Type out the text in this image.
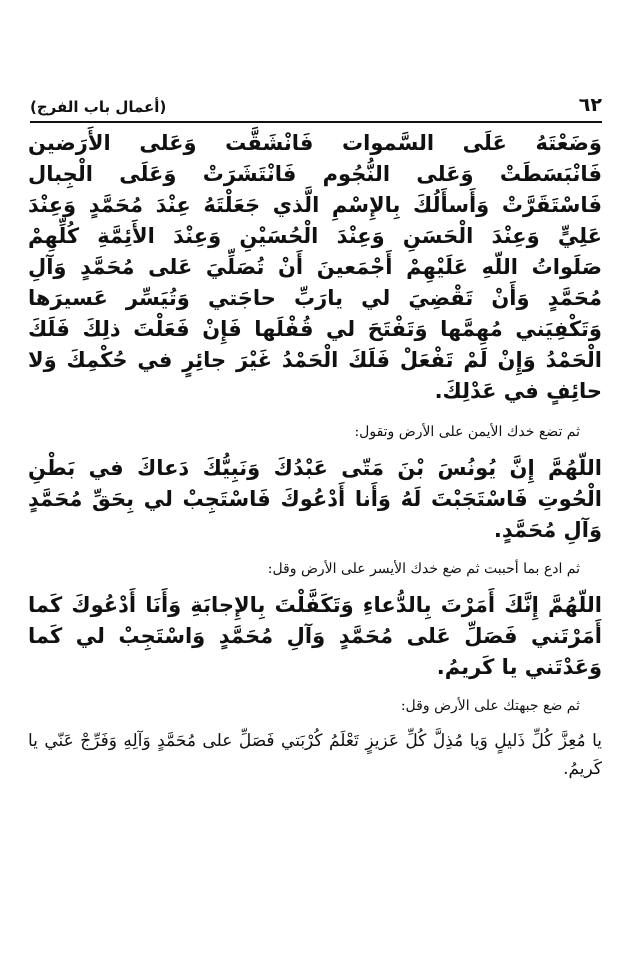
٦٢
(أعمال باب الفرج)

وَضَعْتَهُ عَلَى السَّموات فَانْشَقَّت وَعَلى الأَرَضين فَانْبَسَطَتْ وَعَلى النُّجُوم فَانْتَشَرَتْ وَعَلَى الْجِبال فَاسْتَقَرَّتْ وَأَسأَلُكَ بِالإِسْمِ الَّذي جَعَلْتَهُ عِنْدَ مُحَمَّدٍ وَعِنْدَ عَلِيٍّ وَعِنْدَ الْحَسَنِ وَعِنْدَ الْحُسَيْنِ وَعِنْدَ الأَئِمَّةِ كُلِّهِمْ صَلَواتُ اللّهِ عَلَيْهِمْ أَجْمَعينَ أَنْ تُصَلِّيَ عَلى مُحَمَّدٍ وَآلِ مُحَمَّدٍ وَأَنْ تَقْضِيَ لي يارَبِّ حاجَتي وَتُيَسِّر عَسيرَها وَتَكْفِيَني مُهِمَّها وَتَفْتَحَ لي قُفْلَها فَإِنْ فَعَلْتَ ذلِكَ فَلَكَ الْحَمْدُ وَإِنْ لَمْ تَفْعَلْ فَلَكَ الْحَمْدُ غَيْرَ جائِرٍ في حُكْمِكَ وَلا حائِفٍ في عَدْلِكَ.

ثم تضع خدك الأيمن على الأرض وتقول:

اللّهُمَّ إِنَّ يُونُسَ بْنَ مَتّى عَبْدُكَ وَنَبِيُّكَ دَعاكَ في بَطْنِ الْحُوتِ فَاسْتَجَبْتَ لَهُ وَأَنا أَدْعُوكَ فَاسْتَجِبْ لي بِحَقِّ مُحَمَّدٍ وَآلِ مُحَمَّدٍ.

ثم ادع بما أحببت ثم ضع خدك الأيسر على الأرض وقل:

اللّهُمَّ إِنَّكَ أَمَرْتَ بِالدُّعاءِ وَتَكَفَّلْتَ بِالإِجابَةِ وَأَنَا أَدْعُوكَ كَما أَمَرْتَني فَصَلِّ عَلى مُحَمَّدٍ وَآلِ مُحَمَّدٍ وَاسْتَجِبْ لي كَما وَعَدْتَني يا كَريمُ.

ثم ضع جبهتك على الأرض وقل:

يا مُعِزَّ كُلِّ ذَليلٍ وَيا مُذِلَّ كُلِّ عَزيزٍ تَعْلَمُ كُرْبَتي فَصَلِّ على مُحَمَّدٍ وَآلِهِ وَفَرِّجْ عَنّي يا كَريمُ.
